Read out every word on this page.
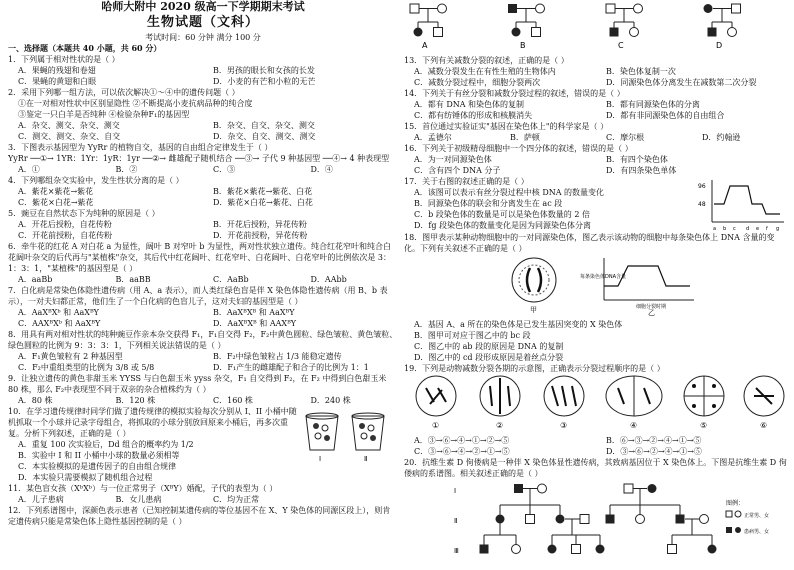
哈师大附中 2020 级高一下学期期末考试
生物试题（文科）
考试时间：60 分钟 满分 100 分
一、选择题（本题共 40 小题，共 60 分）
1．下列属于相对性状的是（ ）
A．果蝇的残翅和卷翅	B．男孩的眼长和女孩的长发
C．果蝇的黄翅和白眼	D．小麦的有芒和小粒的无芒
2．采用下列哪一组方法，可以依次解决①～④中的遗传问题（ ）
①在一对相对性状中区别显隐性 ②不断提高小麦抗病品种的纯合度
③鉴定一只白羊是否纯种 ④检验杂种F₁的基因型
A．杂交、测交、杂交、测交	B．杂交、自交、杂交、测交
C．测交、测交、杂交、自交	D．杂交、自交、测交、测交
3．下图表示基因型为 YyRr 的植物自交，基因的自由组合定律发生于（ ）
YyRr ──①→ 1YR：1Yr：1yR：1yr ──②→ 雌雄配子随机结合 ──③→ 子代 9 种基因型 ──④→ 4 种表现型
A．①	B．②	C．③	D．④
4．下列哪组杂交实验中，发生性状分离的是（ ）
A．紫花×紫花→紫花	B．紫花×紫花→紫花、白花
C．紫花×白花→紫花	D．紫花×白花→紫花、白花
5．豌豆在自然状态下为纯种的原因是（ ）
A．开花后授粉，自花传粉	B．开花后授粉，异花传粉
C．开花前授粉，自花传粉	D．开花前授粉，异花传粉
6．牵牛花的红花 A 对白花 a 为显性，阔叶 B 对窄叶 b 为显性，两对性状独立遗传。纯合红花窄叶和纯合白花阔叶杂交的后代再与"某植株"杂交，其后代中红花阔叶、红花窄叶、白花阔叶、白花窄叶的比例依次是 3：1：3：1，"某植株"的基因型是（ ）
A．aaBb	B．aaBB	C．AaBb	D．AAbb
7．白化病是常染色体隐性遗传病（用 A、a 表示），而人类红绿色盲是伴 X 染色体隐性遗传病（用 B、b 表示），一对夫妇都正常，他们生了一个白化病的色盲儿子，这对夫妇的基因型是（ ）
A．AaXᴮXᵇ 和 AaXᴮY	B．AaXᴮXᴮ 和 AaXᴮY
C．AAXᴮXᵇ 和 AaXᴮY	D．AaXᴮXᴮ 和 AAXᴮY
8．用具有两对相对性状的纯种豌豆作亲本杂交获得 F₁，F₁自交得 F₂，F₂中黄色圆粒、绿色皱粒、黄色皱粒、绿色圆粒的比例为 9：3：3：1，下列相关说法错误的是（ ）
A．F₁黄色皱粒有 2 种基因型	B．F₂中绿色皱粒占 1/3 能稳定遗传
C．F₂中重组类型的比例为 3/8 或 5/8	D．F₁产生的雌雄配子和合子的比例为 1：1
9．让独立遗传的黄色非甜玉米 YYSS 与白色甜玉米 yyss 杂交，F₁ 自交得到 F₂，在 F₂ 中得到白色甜玉米 80 株，那么 F₂中表现型不同于双亲的杂合植株约为（ ）
A．80 株	B．120 株	C．160 株	D．240 株
10．在学习遗传规律时同学们做了遗传规律的模拟实验每次分别从 I、II 小桶中随机抓取一个小球并记录字母组合，将抓取的小球分别放回原来小桶后，再多次重复。分析下列叙述，正确的是（ ）
A．重复 100 次实验后，Dd 组合的概率约为 1/2
B．实验中 I 和 II 小桶中小球的数量必须相等
C．本实验模拟的是遗传因子的自由组合规律
D．本实验只需要模拟了随机组合过程
Ⅰ	Ⅱ
11．某色盲女孩（XᵇXᵇ）与一位正常男子（XᴮY）婚配，子代的表型为（ ）
A．儿子患病	B．女儿患病	C．均为正常
12．下列系谱图中，深颜色表示患者（已知控制某遗传病的等位基因不在 X、Y 染色体的同源区段上），则肯定遗传病只能是常染色体上隐性基因控制的是（ ）
A	B	C	D
13．下列有关减数分裂的叙述，正确的是（ ）
A．减数分裂发生在有性生殖的生物体内	B．染色体复制一次
C．减数分裂过程中，细胞分裂两次	D．同源染色体分离发生在减数第二次分裂
14．下列关于有丝分裂和减数分裂过程的叙述，错误的是（ ）
A．都有 DNA 和染色体的复制	B．都有同源染色体的分离
C．都有纺锤体的形成和核膜消失	D．都有非同源染色体的自由组合
15．首位通过实验证实"基因在染色体上"的科学家是（ ）
A．孟德尔	B．萨顿	C．摩尔根	D．约翰逊
16．下列关于初级精母细胞中一个四分体的叙述，错误的是（ ）
A．为一对同源染色体	B．有四个染色体
C．含有四个 DNA 分子	D．有四条染色单体
17．关于右图的叙述正确的是（ ）
A．该图可以表示有丝分裂过程中核 DNA 的数量变化
B．同源染色体的联会和分离发生在 ac 段
C．b 段染色体的数量是可以是染色体数量的 2 倍
D．fg 段染色体的数量变化是因为同源染色体分离
96
48
a b c d e f g
18．图甲表示某种动物细胞中的一对同源染色体，图乙表示该动物的细胞中每条染色体上 DNA 含量的变化。下列有关叙述不正确的是（ ）
甲
每条染色体DNA含量
细胞分裂时期
乙
A．基因 A、a 所在的染色体是已发生基因突变的 X 染色体
B．图甲可对应于图乙中的 bc 段
C．图乙中的 ab 段的原因是 DNA 的复制
D．图乙中的 cd 段形成原因是着丝点分裂
19．下列是动物减数分裂各期的示意图，正确表示分裂过程顺序的是（ ）
①	②	③	④	⑤	⑥
A．③→⑥→④→①→②→⑤	B．⑥→③→②→④→①→⑤
C．③→⑥→④→②→①→⑤	D．③→⑥→②→④→①→⑤
20．抗维生素 D 佝偻病是一种伴 X 染色体显性遗传病，其致病基因位于 X 染色体上。下图是抗维生素 D 佝偻病的系谱图。相关叙述正确的是（ ）
Ⅰ
Ⅱ
Ⅲ
图例：
正常男、女
患病男、女
